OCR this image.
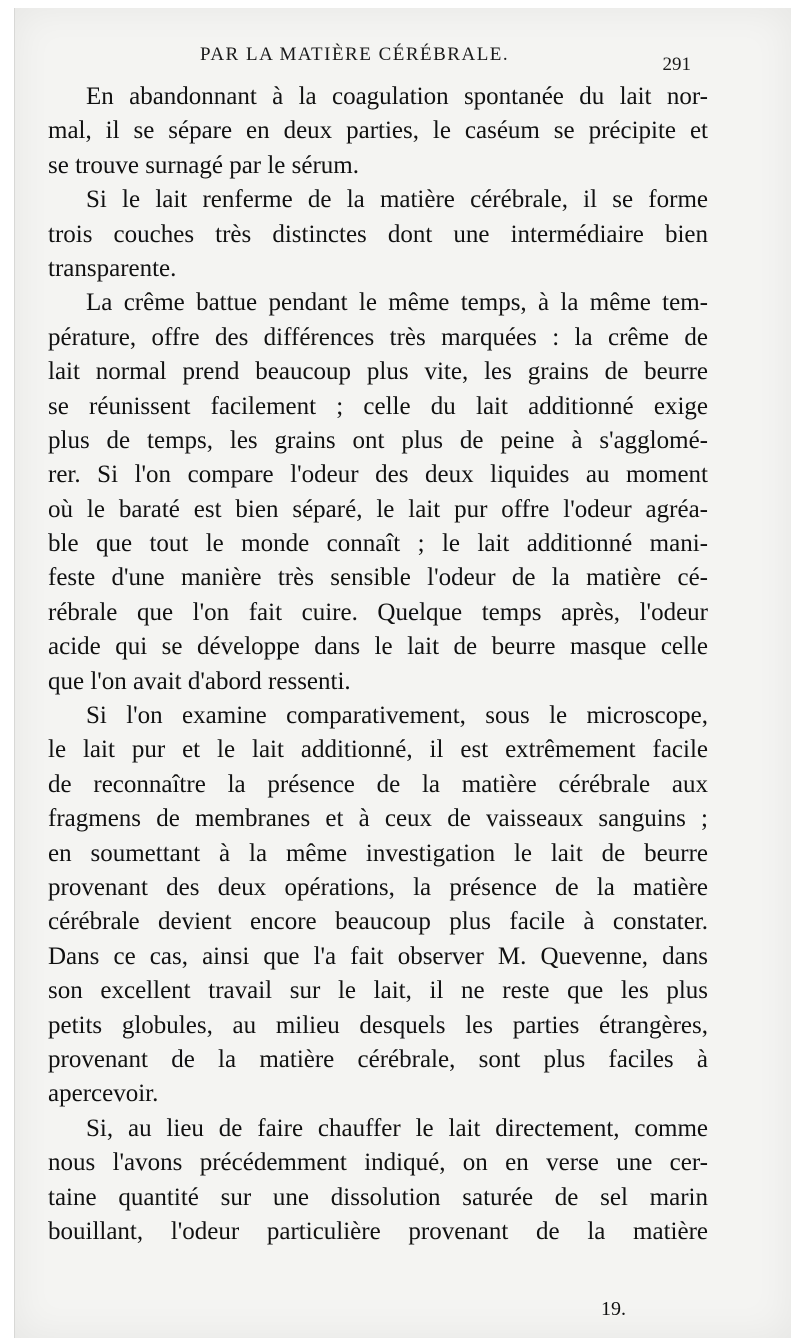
PAR LA MATIÈRE CÉRÉBRALE.	291
En abandonnant à la coagulation spontanée du lait nor-
mal, il se sépare en deux parties, le caséum se précipite et
se trouve surnagé par le sérum.
Si le lait renferme de la matière cérébrale, il se forme
trois couches très distinctes dont une intermédiaire bien
transparente.
La crême battue pendant le même temps, à la même tem-
pérature, offre des différences très marquées : la crême de
lait normal prend beaucoup plus vite, les grains de beurre
se réunissent facilement ; celle du lait additionné exige
plus de temps, les grains ont plus de peine à s'agglomé-
rer. Si l'on compare l'odeur des deux liquides au moment
où le baraté est bien séparé, le lait pur offre l'odeur agréa-
ble que tout le monde connaît ; le lait additionné mani-
feste d'une manière très sensible l'odeur de la matière cé-
rébrale que l'on fait cuire. Quelque temps après, l'odeur
acide qui se développe dans le lait de beurre masque celle
que l'on avait d'abord ressenti.
Si l'on examine comparativement, sous le microscope,
le lait pur et le lait additionné, il est extrêmement facile
de reconnaître la présence de la matière cérébrale aux
fragmens de membranes et à ceux de vaisseaux sanguins ;
en soumettant à la même investigation le lait de beurre
provenant des deux opérations, la présence de la matière
cérébrale devient encore beaucoup plus facile à constater.
Dans ce cas, ainsi que l'a fait observer M. Quevenne, dans
son excellent travail sur le lait, il ne reste que les plus
petits globules, au milieu desquels les parties étrangères,
provenant de la matière cérébrale, sont plus faciles à
apercevoir.
Si, au lieu de faire chauffer le lait directement, comme
nous l'avons précédemment indiqué, on en verse une cer-
taine quantité sur une dissolution saturée de sel marin
bouillant, l'odeur particulière provenant de la matière
19.
